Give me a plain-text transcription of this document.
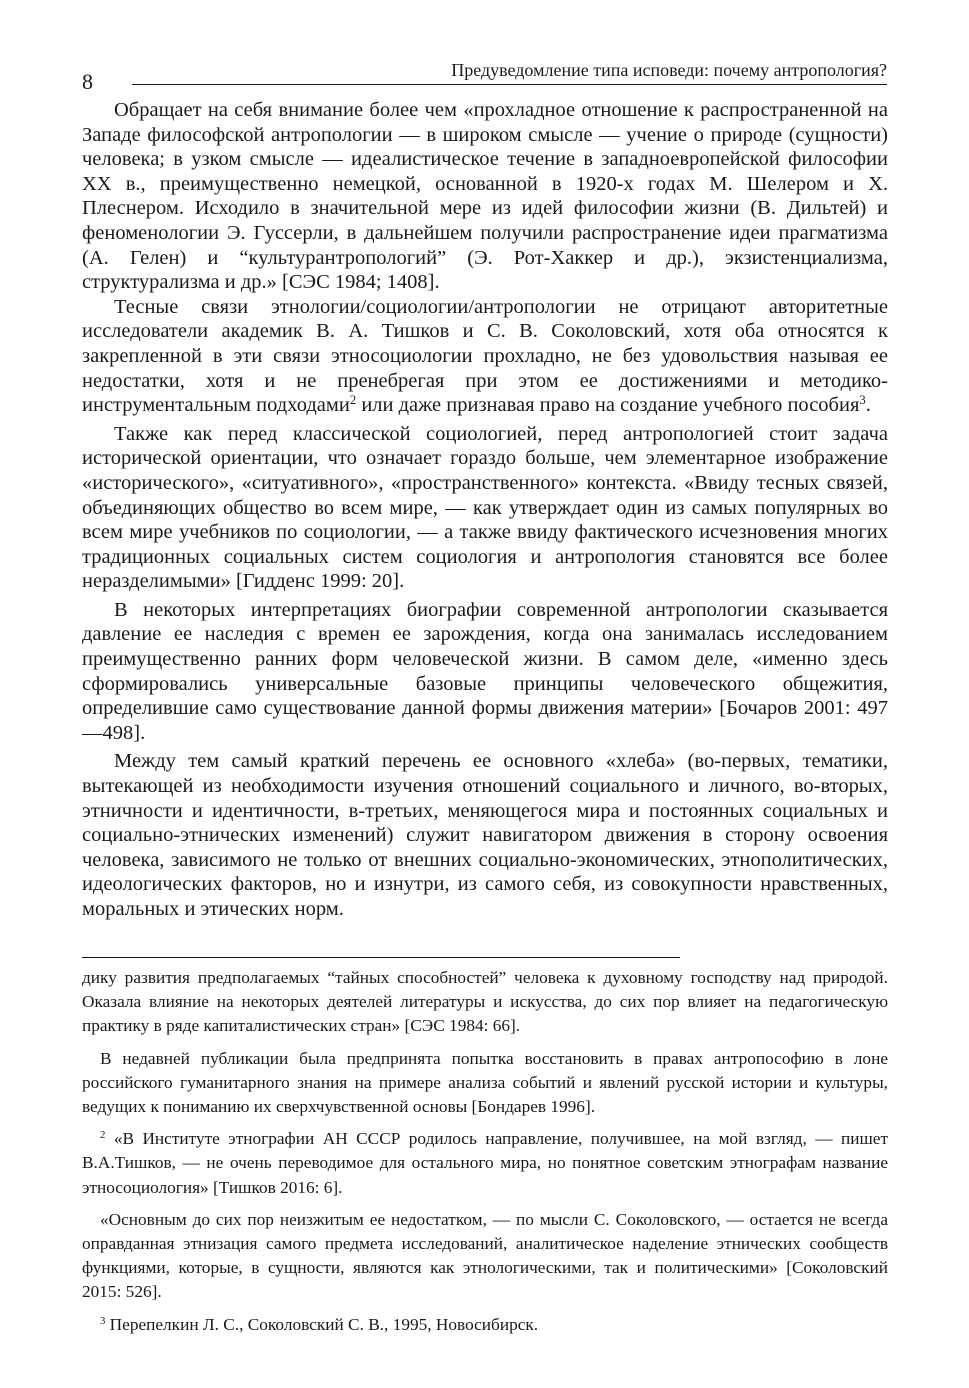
8	Предуведомление типа исповеди: почему антропология?

Обращает на себя внимание более чем «прохладное отношение к распространенной на Западе философской антропологии — в широком смысле — учение о природе (сущности) человека; в узком смысле — идеалистическое течение в западноевропейской философии XX в., преимущественно немецкой, основанной в 1920-х годах М. Шелером и Х. Плеснером. Исходило в значительной мере из идей философии жизни (В. Дильтей) и феноменологии Э. Гуссерли, в дальнейшем получили распространение идеи прагматизма (А. Гелен) и “культурантропологий” (Э. Рот-Хаккер и др.), экзистенциализма, структурализма и др.» [СЭС 1984; 1408].

Тесные связи этнологии/социологии/антропологии не отрицают авторитетные исследователи академик В. А. Тишков и С. В. Соколовский, хотя оба относятся к закрепленной в эти связи этносоциологии прохладно, не без удовольствия называя ее недостатки, хотя и не пренебрегая при этом ее достижениями и методико-инструментальным подходами$^2$ или даже признавая право на создание учебного пособия$^3$.

Также как перед классической социологией, перед антропологией стоит задача исторической ориентации, что означает гораздо больше, чем элементарное изображение «исторического», «ситуативного», «пространственного» контекста. «Ввиду тесных связей, объединяющих общество во всем мире, — как утверждает один из самых популярных во всем мире учебников по социологии, — а также ввиду фактического исчезновения многих традиционных социальных систем социология и антропология становятся все более неразделимыми» [Гидденс 1999: 20].

В некоторых интерпретациях биографии современной антропологии сказывается давление ее наследия с времен ее зарождения, когда она занималась исследованием преимущественно ранних форм человеческой жизни. В самом деле, «именно здесь сформировались универсальные базовые принципы человеческого общежития, определившие само существование данной формы движения материи» [Бочаров 2001: 497—498].

Между тем самый краткий перечень ее основного «хлеба» (во-первых, тематики, вытекающей из необходимости изучения отношений социального и личного, во-вторых, этничности и идентичности, в-третьих, меняющегося мира и постоянных социальных и социально-этнических изменений) служит навигатором движения в сторону освоения человека, зависимого не только от внешних социально-экономических, этнополитических, идеологических факторов, но и изнутри, из самого себя, из совокупности нравственных, моральных и этических норм.

дику развития предполагаемых “тайных способностей” человека к духовному господству над природой. Оказала влияние на некоторых деятелей литературы и искусства, до сих пор влияет на педагогическую практику в ряде капиталистических стран» [СЭС 1984: 66].

В недавней публикации была предпринята попытка восстановить в правах антропософию в лоне российского гуманитарного знания на примере анализа событий и явлений русской истории и культуры, ведущих к пониманию их сверхчувственной основы [Бондарев 1996].

$^2$ «В Институте этнографии АН СССР родилось направление, получившее, на мой взгляд, — пишет В.А.Тишков, — не очень переводимое для остального мира, но понятное советским этнографам название этносоциология» [Тишков 2016: 6].

«Основным до сих пор неизжитым ее недостатком, — по мысли С. Соколовского, — остается не всегда оправданная этнизация самого предмета исследований, аналитическое наделение этнических сообществ функциями, которые, в сущности, являются как этнологическими, так и политическими» [Соколовский 2015: 526].

$^3$ Перепелкин Л. С., Соколовский С. В., 1995, Новосибирск.
